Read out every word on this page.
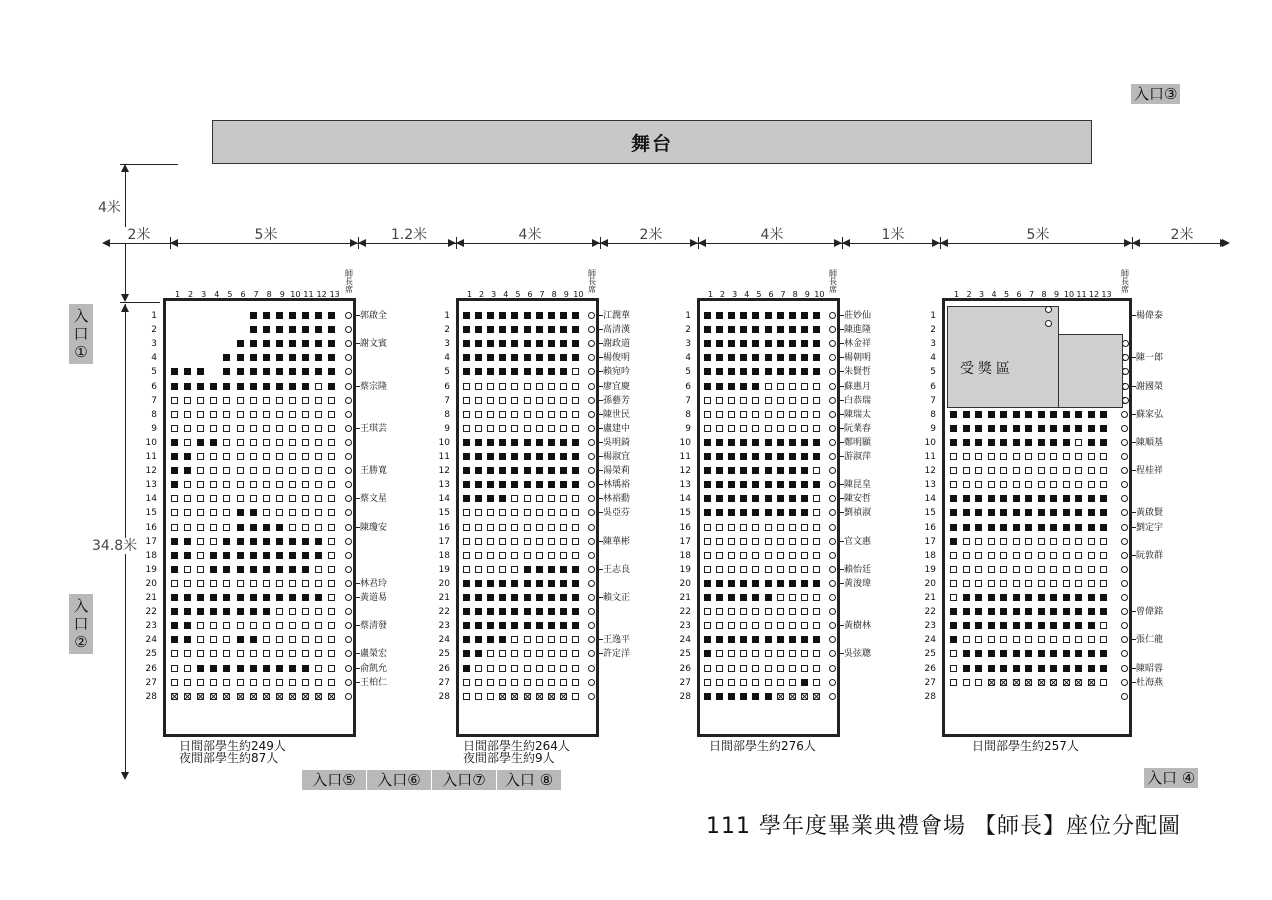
舞台
入口③
入口①
入口②
入口 ④
入口⑤	入口⑥	入口⑦	入口 ⑧
4米
34.8米
2米	5米	1.2米	4米	2米	4米	1米	5米	2米
1	2	3	4	5	6	7	8	9 10 11 12 13
師長席
1
2
3
4
5
6
7
8
9
10
11
12
13
14
15
16
17
18
19
20
21
22
23
24
25
26
27
28
郭啟全
謝文賓
蔡宗隆
王琪芸
王勝寬
蔡文星
陳瓊安
林君玲
黃道易
蔡清發
盧榮宏
俞凱允
王柏仁
日間部學生約249人
夜間部學生約87人
1 2 3 4 5 6 7 8 9 10
師長席
1
2
3
4
5
6
7
8
9
10
11
12
13
14
15
16
17
18
19
20
21
22
23
24
25
26
27
28
江潤華
高清漢
謝政道
楊俊明
賴宛吟
廖宜慶
孫藝芳
陳世民
盧建中
吳明錡
楊淑宜
湯榮莉
林瑀裕
林裕勳
吳亞芬
陳華彬
王志良
賴文正
王逸平
許定洋
日間部學生約264人
夜間部學生約9人
1 2 3 4 5 6 7 8 9 10
師長席
1
2
3
4
5
6
7
8
9
10
11
12
13
14
15
16
17
18
19
20
21
22
23
24
25
26
27
28
莊妙仙
陳進隆
林金祥
楊朝明
朱賢哲
蘇惠月
白恭瑞
陳瑞太
阮業春
鄭明顯
游淑萍
陳昆皇
陳安哲
劉禎淑
官文惠
賴怡廷
黃浚瑋
黃樹林
吳弦聰
日間部學生約276人
1 2 3 4 5 6 7 8 9 10 11 12 13
師長席
1
2
3
4
5
6
7
8
9
10
11
12
13
14
15
16
17
18
19
20
21
22
23
24
25
26
27
28
楊偉泰
陳一郎
謝國榮
蘇家弘
陳順基
程桂祥
黃啟賢
劉定宇
阮敦群
曾偉銘
張仁龍
陳昭蓉
杜海燕
日間部學生約257人
受獎區
111 學年度畢業典禮會場 【師長】座位分配圖
